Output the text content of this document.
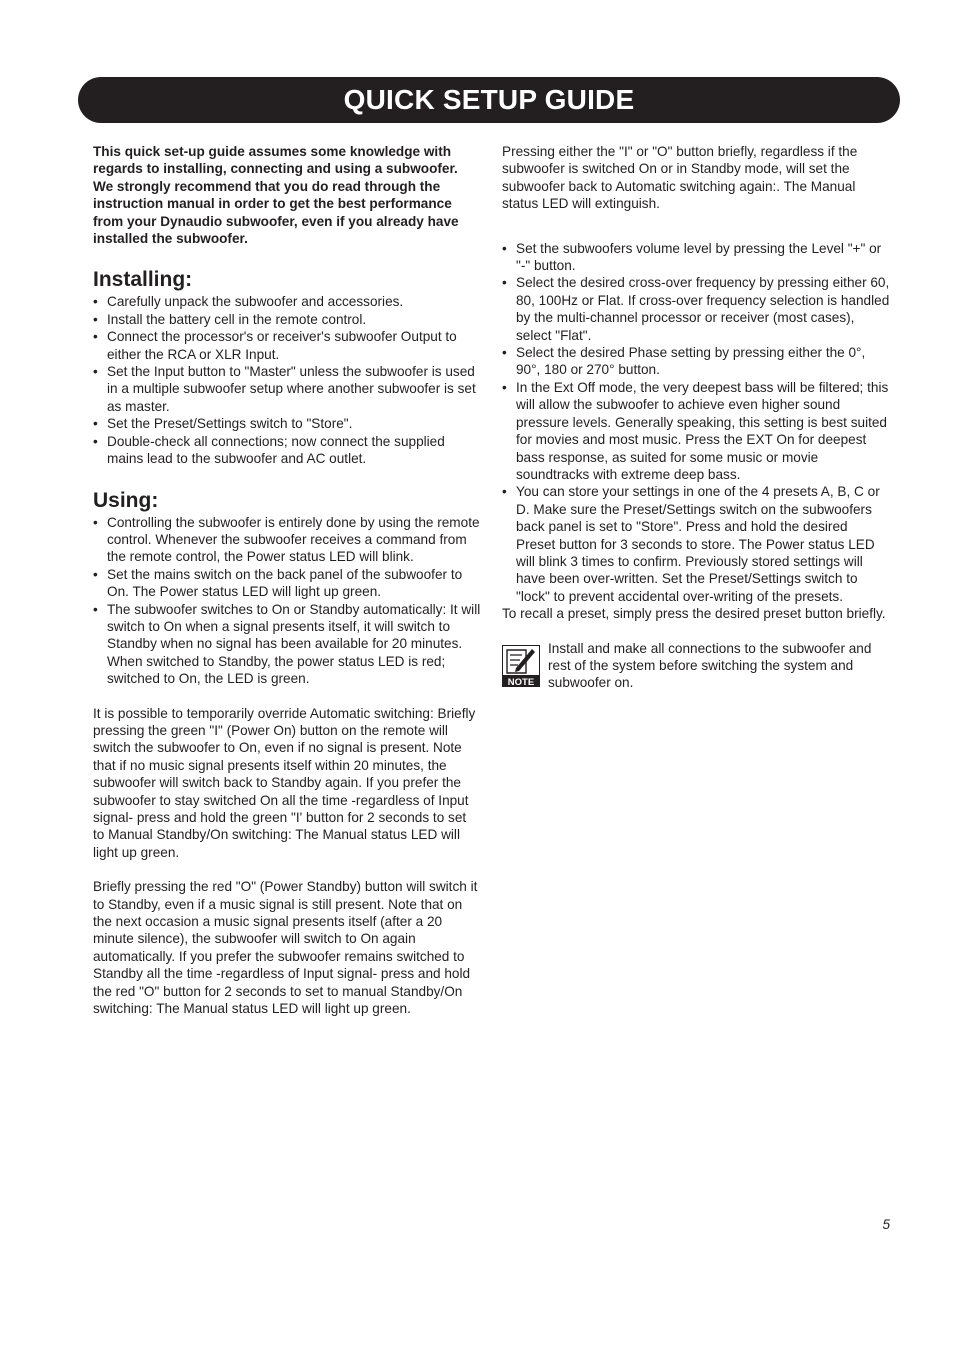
QUICK SETUP GUIDE

This quick set-up guide assumes some knowledge with regards to installing, connecting and using a subwoofer. We strongly recommend that you do read through the instruction manual in order to get the best performance from your Dynaudio subwoofer, even if you already have installed the subwoofer.

Installing:
• Carefully unpack the subwoofer and accessories.
• Install the battery cell in the remote control.
• Connect the processor's or receiver's subwoofer Output to either the RCA or XLR Input.
• Set the Input button to "Master" unless the subwoofer is used in a multiple subwoofer setup where another subwoofer is set as master.
• Set the Preset/Settings switch to "Store".
• Double-check all connections; now connect the supplied mains lead to the subwoofer and AC outlet.
Using:
• Controlling the subwoofer is entirely done by using the remote control. Whenever the subwoofer receives a command from the remote control, the Power status LED will blink.
• Set the mains switch on the back panel of the subwoofer to On. The Power status LED will light up green.
• The subwoofer switches to On or Standby automatically: It will switch to On when a signal presents itself, it will switch to Standby when no signal has been available for 20 minutes. When switched to Standby, the power status LED is red; switched to On, the LED is green.

It is possible to temporarily override Automatic switching: Briefly pressing the green "I" (Power On) button on the remote will switch the subwoofer to On, even if no signal is present. Note that if no music signal presents itself within 20 minutes, the subwoofer will switch back to Standby again. If you prefer the subwoofer to stay switched On all the time -regardless of Input signal- press and hold the green "I' button for 2 seconds to set to Manual Standby/On switching: The Manual status LED will light up green.

Briefly pressing the red "O" (Power Standby) button will switch it to Standby, even if a music signal is still present. Note that on the next occasion a music signal presents itself (after a 20 minute silence), the subwoofer will switch to On again automatically. If you prefer the subwoofer remains switched to Standby all the time -regardless of Input signal- press and hold the red "O" button for 2 seconds to set to manual Standby/On switching: The Manual status LED will light up green.

Pressing either the "I" or "O" button briefly, regardless if the subwoofer is switched On or in Standby mode, will set the subwoofer back to Automatic switching again:. The Manual status LED will extinguish.

• Set the subwoofers volume level by pressing the Level "+" or "-" button.
• Select the desired cross-over frequency by pressing either 60, 80, 100Hz or Flat. If cross-over frequency selection is handled by the multi-channel processor or receiver (most cases), select "Flat".
• Select the desired Phase setting by pressing either the 0°, 90°, 180 or 270° button.
• In the Ext Off mode, the very deepest bass will be filtered; this will allow the subwoofer to achieve even higher sound pressure levels. Generally speaking, this setting is best suited for movies and most music. Press the EXT On for deepest bass response, as suited for some music or movie soundtracks with extreme deep bass.
• You can store your settings in one of the 4 presets A, B, C or D. Make sure the Preset/Settings switch on the subwoofers back panel is set to "Store". Press and hold the desired Preset button for 3 seconds to store. The Power status LED will blink 3 times to confirm. Previously stored settings will have been over-written. Set the Preset/Settings switch to "lock" to prevent accidental over-writing of the presets.

To recall a preset, simply press the desired preset button briefly.

NOTE

Install and make all connections to the subwoofer and rest of the system before switching the system and subwoofer on.

5
